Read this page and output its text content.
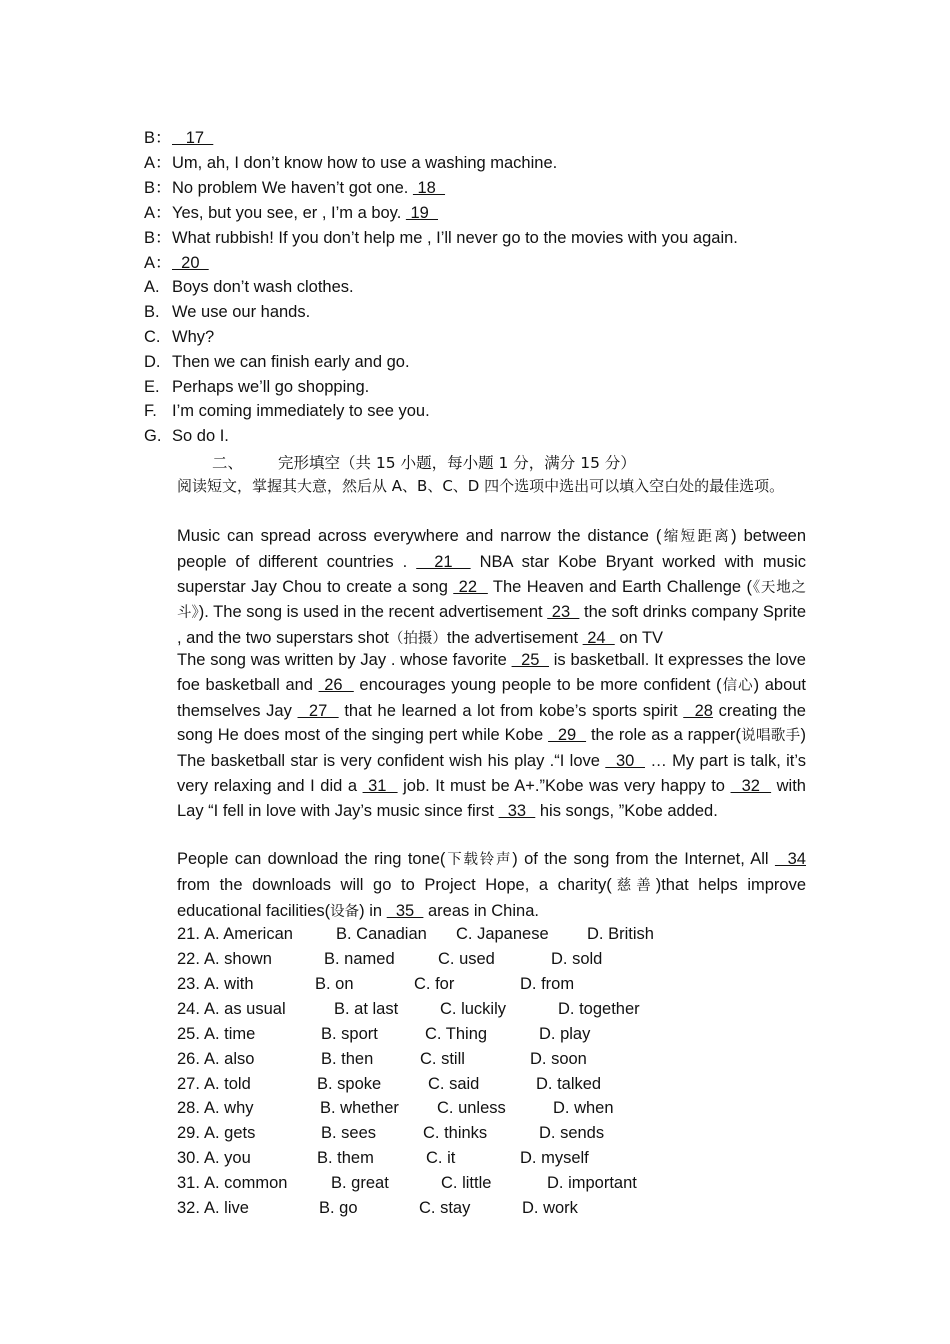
B：   17
A：Um, ah, I don’t know how to use a washing machine.
B：No problem We haven’t got one.  18
A：Yes, but you see, er , I’m a boy.  19
B：What rubbish! If you don’t help me , I’ll never go to the movies with you again.
A：  20
A. Boys don’t wash clothes.
B. We use our hands.
C. Why?
D. Then we can finish early and go.
E. Perhaps we’ll go shopping.
F. I’m coming immediately to see you.
G. So do I.
二、 完形填空（共 15 小题，每小题 1 分，满分 15 分）
阅读短文，掌握其大意，然后从 A、B、C、D 四个选项中选出可以填入空白处的最佳选项。
Music can spread across everywhere and narrow the distance (缩短距离) between people of different countries .   21   NBA star Kobe Bryant worked with music superstar Jay Chou to create a song  22   The Heaven and Earth Challenge (《天地之斗》). The song is used in the recent advertisement  23   the soft drinks company Sprite , and the two superstars shot（拍摄）the advertisement  24   on TV
The song was written by Jay . whose favorite   25   is basketball. It expresses the love foe basketball and  26   encourages young people to be more confident (信心) about themselves Jay   27   that he learned a lot from kobe’s sports spirit   28 creating the song He does most of the singing pert while Kobe   29   the role as a rapper(说唱歌手) The basketball star is very confident wish his play .“I love   30   … My part is talk, it’s very relaxing and I did a  31   job. It must be A+.”Kobe was very happy to   32   with Lay “I fell in love with Jay’s music since first   33   his songs, ”Kobe added.
People can download the ring tone(下载铃声) of the song from the Internet, All   34 from the downloads will go to Project Hope, a charity(慈善)that helps improve educational facilities(设备) in   35   areas in China.
21. A. American	B. Canadian C. Japanese D. British
22. A. shown	B. named	C. used	D. sold
23. A. with	B. on	C. for	D. from
24. A. as usual	B. at last	C. luckily	D. together
25. A. time	B. sport	C. Thing	D. play
26. A. also	B. then	C. still	D. soon
27. A. told	B. spoke	C. said	D. talked
28. A. why	B. whether C. unless	D. when
29. A. gets	B. sees	C. thinks	D. sends
30. A. you	B. them	C. it	D. myself
31. A. common	B. great	C. little	D. important
32. A. live	B. go	C. stay	D. work
